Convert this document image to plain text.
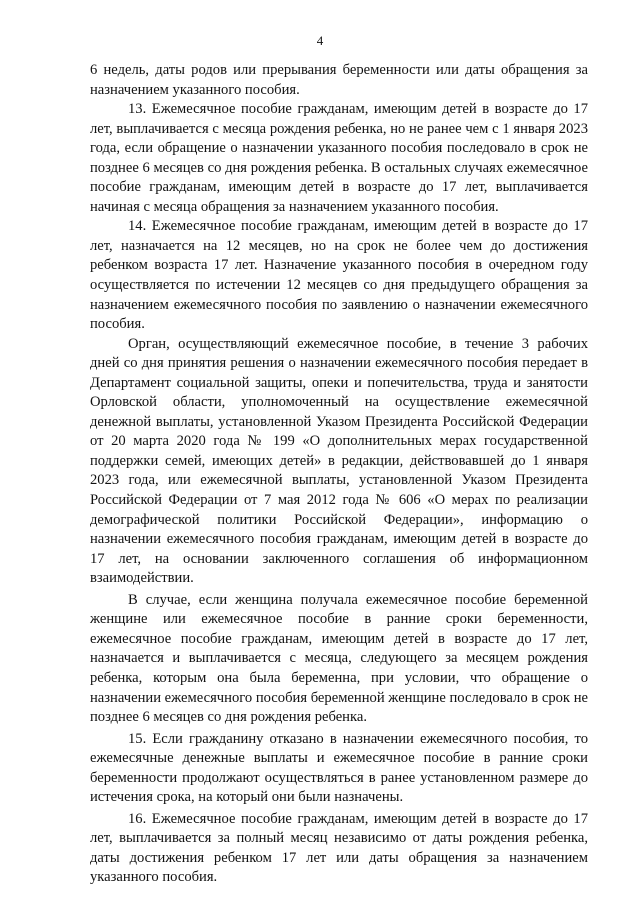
4

6 недель, даты родов или прерывания беременности или даты обращения за назначением указанного пособия.

13. Ежемесячное пособие гражданам, имеющим детей в возрасте до 17 лет, выплачивается с месяца рождения ребенка, но не ранее чем с 1 января 2023 года, если обращение о назначении указанного пособия последовало в срок не позднее 6 месяцев со дня рождения ребенка. В остальных случаях ежемесячное пособие гражданам, имеющим детей в возрасте до 17 лет, выплачивается начиная с месяца обращения за назначением указанного пособия.

14. Ежемесячное пособие гражданам, имеющим детей в возрасте до 17 лет, назначается на 12 месяцев, но на срок не более чем до достижения ребенком возраста 17 лет. Назначение указанного пособия в очередном году осуществляется по истечении 12 месяцев со дня предыдущего обращения за назначением ежемесячного пособия по заявлению о назначении ежемесячного пособия.

Орган, осуществляющий ежемесячное пособие, в течение 3 рабочих дней со дня принятия решения о назначении ежемесячного пособия передает в Департамент социальной защиты, опеки и попечительства, труда и занятости Орловской области, уполномоченный на осуществление ежемесячной денежной выплаты, установленной Указом Президента Российской Федерации от 20 марта 2020 года № 199 «О дополнительных мерах государственной поддержки семей, имеющих детей» в редакции, действовавшей до 1 января 2023 года, или ежемесячной выплаты, установленной Указом Президента Российской Федерации от 7 мая 2012 года № 606 «О мерах по реализации демографической политики Российской Федерации», информацию о назначении ежемесячного пособия гражданам, имеющим детей в возрасте до 17 лет, на основании заключенного соглашения об информационном взаимодействии.

В случае, если женщина получала ежемесячное пособие беременной женщине или ежемесячное пособие в ранние сроки беременности, ежемесячное пособие гражданам, имеющим детей в возрасте до 17 лет, назначается и выплачивается с месяца, следующего за месяцем рождения ребенка, которым она была беременна, при условии, что обращение о назначении ежемесячного пособия беременной женщине последовало в срок не позднее 6 месяцев со дня рождения ребенка.

15. Если гражданину отказано в назначении ежемесячного пособия, то ежемесячные денежные выплаты и ежемесячное пособие в ранние сроки беременности продолжают осуществляться в ранее установленном размере до истечения срока, на который они были назначены.

16. Ежемесячное пособие гражданам, имеющим детей в возрасте до 17 лет, выплачивается за полный месяц независимо от даты рождения ребенка, даты достижения ребенком 17 лет или даты обращения за назначением указанного пособия.
